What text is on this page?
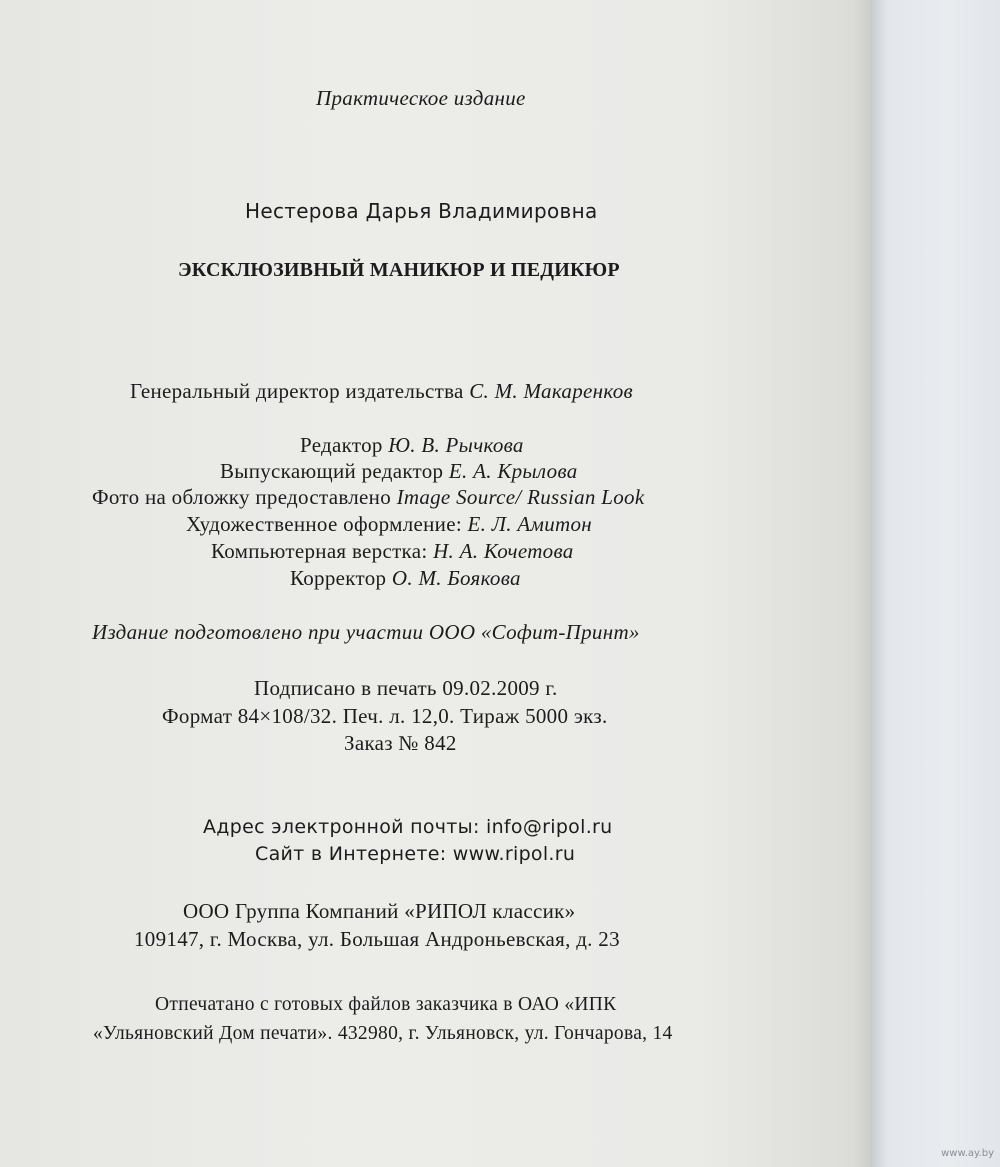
Практическое издание
Нестерова Дарья Владимировна
ЭКСКЛЮЗИВНЫЙ МАНИКЮР И ПЕДИКЮР
Генеральный директор издательства С. М. Макаренков
Редактор Ю. В. Рычкова
Выпускающий редактор Е. А. Крылова
Фото на обложку предоставлено Image Source/ Russian Look
Художественное оформление: Е. Л. Амитон
Компьютерная верстка: Н. А. Кочетова
Корректор О. М. Боякова
Издание подготовлено при участии ООО «Софит-Принт»
Подписано в печать 09.02.2009 г.
Формат 84×108/32. Печ. л. 12,0. Тираж 5000 экз.
Заказ № 842
Адрес электронной почты: info@ripol.ru
Сайт в Интернете: www.ripol.ru
ООО Группа Компаний «РИПОЛ классик»
109147, г. Москва, ул. Большая Андроньевская, д. 23
Отпечатано с готовых файлов заказчика в ОАО «ИПК
«Ульяновский Дом печати». 432980, г. Ульяновск, ул. Гончарова, 14
www.ay.by
